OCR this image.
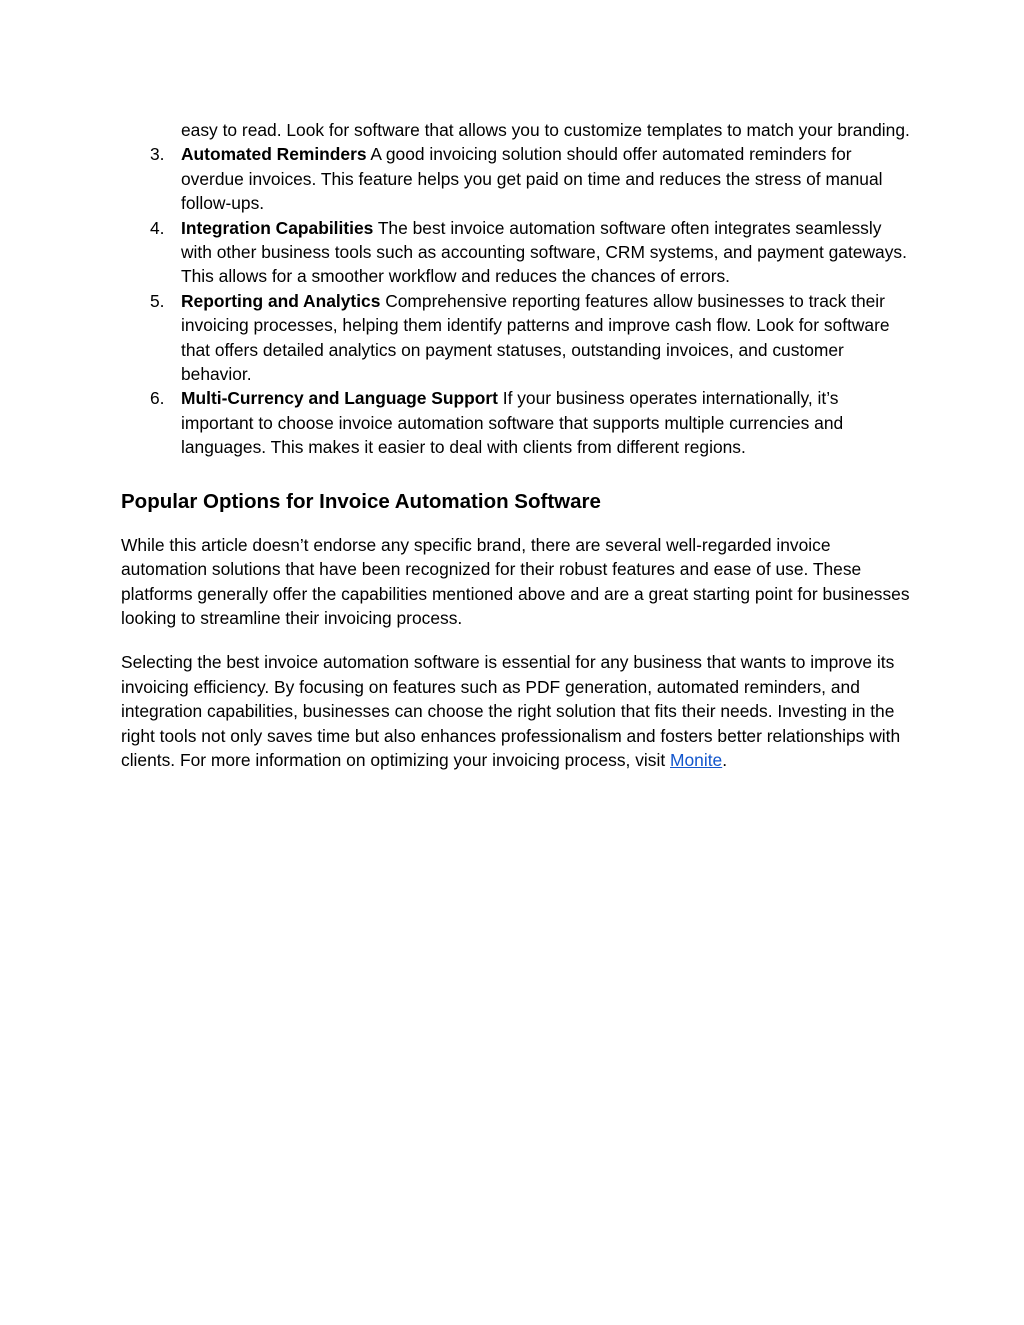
easy to read. Look for software that allows you to customize templates to match your branding.
3. Automated Reminders A good invoicing solution should offer automated reminders for overdue invoices. This feature helps you get paid on time and reduces the stress of manual follow-ups.
4. Integration Capabilities The best invoice automation software often integrates seamlessly with other business tools such as accounting software, CRM systems, and payment gateways. This allows for a smoother workflow and reduces the chances of errors.
5. Reporting and Analytics Comprehensive reporting features allow businesses to track their invoicing processes, helping them identify patterns and improve cash flow. Look for software that offers detailed analytics on payment statuses, outstanding invoices, and customer behavior.
6. Multi-Currency and Language Support If your business operates internationally, it’s important to choose invoice automation software that supports multiple currencies and languages. This makes it easier to deal with clients from different regions.
Popular Options for Invoice Automation Software

While this article doesn’t endorse any specific brand, there are several well-regarded invoice automation solutions that have been recognized for their robust features and ease of use. These platforms generally offer the capabilities mentioned above and are a great starting point for businesses looking to streamline their invoicing process.

Selecting the best invoice automation software is essential for any business that wants to improve its invoicing efficiency. By focusing on features such as PDF generation, automated reminders, and integration capabilities, businesses can choose the right solution that fits their needs. Investing in the right tools not only saves time but also enhances professionalism and fosters better relationships with clients. For more information on optimizing your invoicing process, visit Monite.
